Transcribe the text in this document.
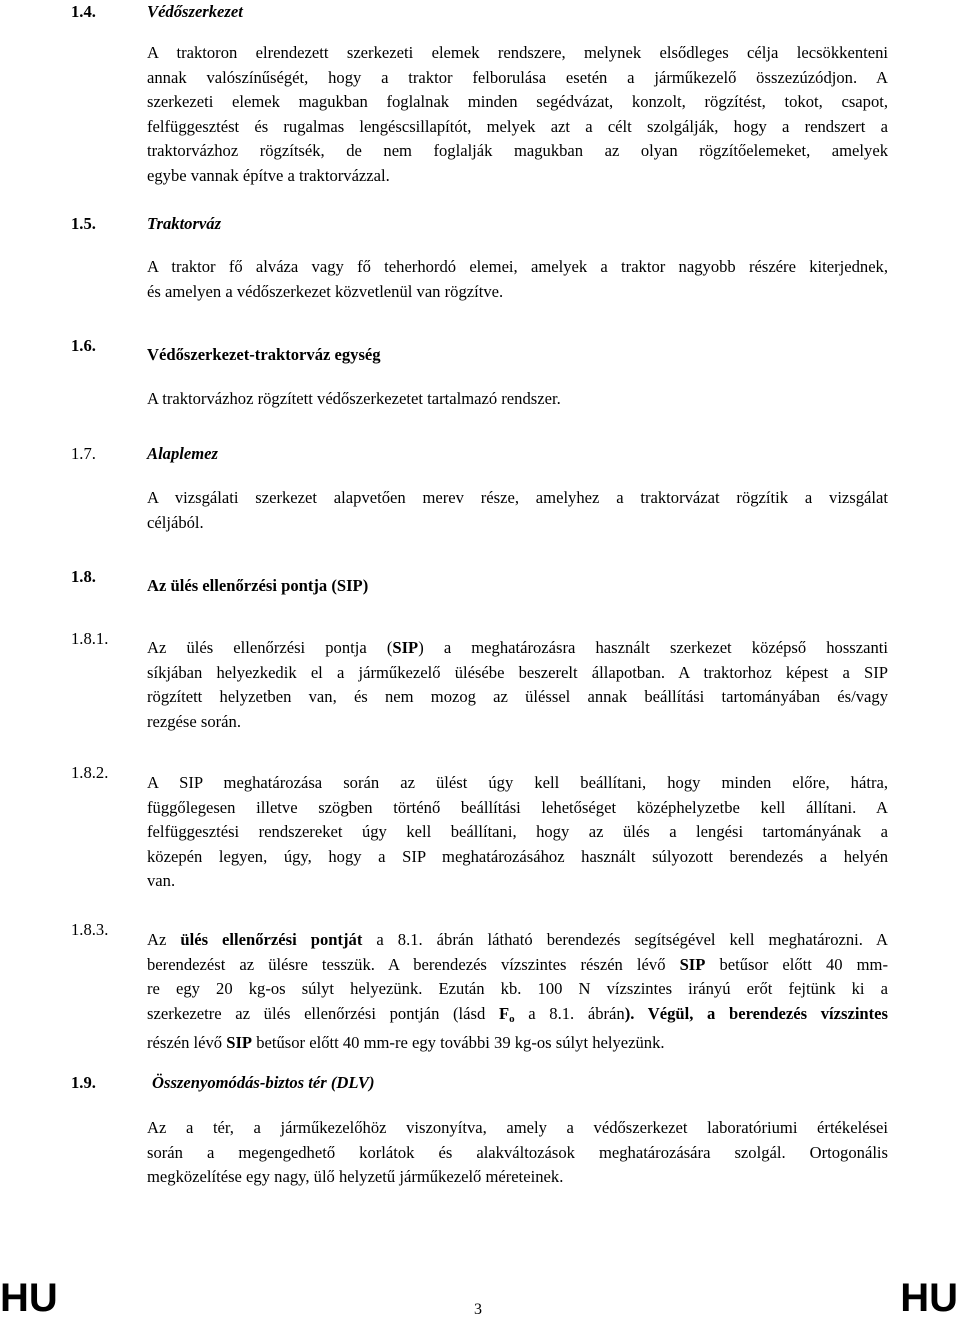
1.4.	Védőszerkezet
A traktoron elrendezett szerkezeti elemek rendszere, melynek elsődleges célja lecsökkenteni
annak valószínűségét, hogy a traktor felborulása esetén a járműkezelő összezúzódjon. A
szerkezeti elemek magukban foglalnak minden segédvázat, konzolt, rögzítést, tokot, csapot,
felfüggesztést és rugalmas lengéscsillapítót, melyek azt a célt szolgálják, hogy a rendszert a
traktorvázhoz rögzítsék, de nem foglalják magukban az olyan rögzítőelemeket, amelyek
egybe vannak építve a traktorvázzal.
1.5.	Traktorváz
A traktor fő alváza vagy fő teherhordó elemei, amelyek a traktor nagyobb részére kiterjednek,
és amelyen a védőszerkezet közvetlenül van rögzítve.
1.6.	Védőszerkezet-traktorváz egység
A traktorvázhoz rögzített védőszerkezetet tartalmazó rendszer.
1.7.	Alaplemez
A vizsgálati szerkezet alapvetően merev része, amelyhez a traktorvázat rögzítik a vizsgálat
céljából.
1.8.	Az ülés ellenőrzési pontja (SIP)
1.8.1. Az ülés ellenőrzési pontja (SIP) a meghatározásra használt szerkezet középső hosszanti
síkjában helyezkedik el a járműkezelő ülésébe beszerelt állapotban. A traktorhoz képest a SIP
rögzített helyzetben van, és nem mozog az üléssel annak beállítási tartományában és/vagy
rezgése során.
1.8.2.
A SIP meghatározása során az ülést úgy kell beállítani, hogy minden előre, hátra,
függőlegesen illetve szögben történő beállítási lehetőséget középhelyzetbe kell állítani. A
felfüggesztési rendszereket úgy kell beállítani, hogy az ülés a lengési tartományának a
közepén legyen, úgy, hogy a SIP meghatározásához használt súlyozott berendezés a helyén
van.
1.8.3.
Az ülés ellenőrzési pontját a 8.1. ábrán látható berendezés segítségével kell meghatározni. A
berendezést az ülésre tesszük. A berendezés vízszintes részén lévő SIP betűsor előtt 40 mm-
re egy 20 kg-os súlyt helyezünk. Ezután kb. 100 N vízszintes irányú erőt fejtünk ki a
szerkezetre az ülés ellenőrzési pontján (lásd Fo a 8.1. ábrán). Végül, a berendezés vízszintes
részén lévő SIP betűsor előtt 40 mm-re egy további 39 kg-os súlyt helyezünk.
1.9.	Összenyomódás-biztos tér (DLV)
Az a tér, a járműkezelőhöz viszonyítva, amely a védőszerkezet laboratóriumi értékelései
során a megengedhető korlátok és alakváltozások meghatározására szolgál. Ortogonális
megközelítése egy nagy, ülő helyzetű járműkezelő méreteinek.
HU	3	HU
